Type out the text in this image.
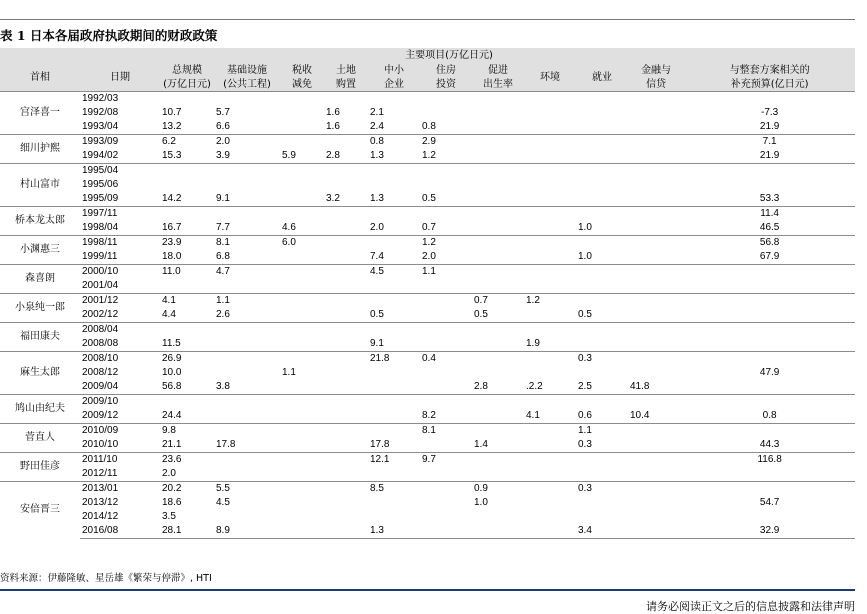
表 1 日本各届政府执政期间的财政政策
			主要项目(万亿日元)									
首相	日期	总规模	基础设施	税收	土地	中小	住房	促进	环境	就业	金融与	与整套方案相关的
		(万亿日元)	(公共工程)	减免	购置	企业	投资	出生率			信贷	补充预算(亿日元)
宫泽喜一	1992/03											
	1992/08	10.7	5.7		1.6	2.1						-7.3
	1993/04	13.2	6.6		1.6	2.4	0.8					21.9
细川护熙	1993/09	6.2	2.0			0.8	2.9					7.1
	1994/02	15.3	3.9	5.9	2.8	1.3	1.2					21.9
村山富市	1995/04											
	1995/06											
	1995/09	14.2	9.1		3.2	1.3	0.5					53.3
桥本龙太郎	1997/11											11.4
	1998/04	16.7	7.7	4.6		2.0	0.7			1.0		46.5
小渊惠三	1998/11	23.9	8.1	6.0			1.2					56.8
	1999/11	18.0	6.8			7.4	2.0			1.0		67.9
森喜朗	2000/10	11.0	4.7			4.5	1.1					
	2001/04											
小泉纯一郎	2001/12	4.1	1.1					0.7	1.2			
	2002/12	4.4	2.6			0.5		0.5		0.5		
福田康夫	2008/04											
	2008/08	11.5				9.1			1.9			
麻生太郎	2008/10	26.9				21.8	0.4			0.3		
	2008/12	10.0		1.1								47.9
	2009/04	56.8	3.8					2.8	.2.2	2.5	41.8	
鸠山由纪夫	2009/10											
	2009/12	24.4					8.2		4.1	0.6	10.4	0.8
菅直人	2010/09	9.8					8.1			1.1		
	2010/10	21.1	17.8			17.8		1.4		0.3		44.3
野田佳彦	2011/10	23.6				12.1	9.7					116.8
	2012/11	2.0										
安倍晋三	2013/01	20.2	5.5			8.5		0.9		0.3		
	2013/12	18.6	4.5					1.0				54.7
	2014/12	3.5										
	2016/08	28.1	8.9			1.3				3.4		32.9
资料来源：伊藤隆敏、星岳雄《繁荣与停滞》, HTI
请务必阅读正文之后的信息披露和法律声明
